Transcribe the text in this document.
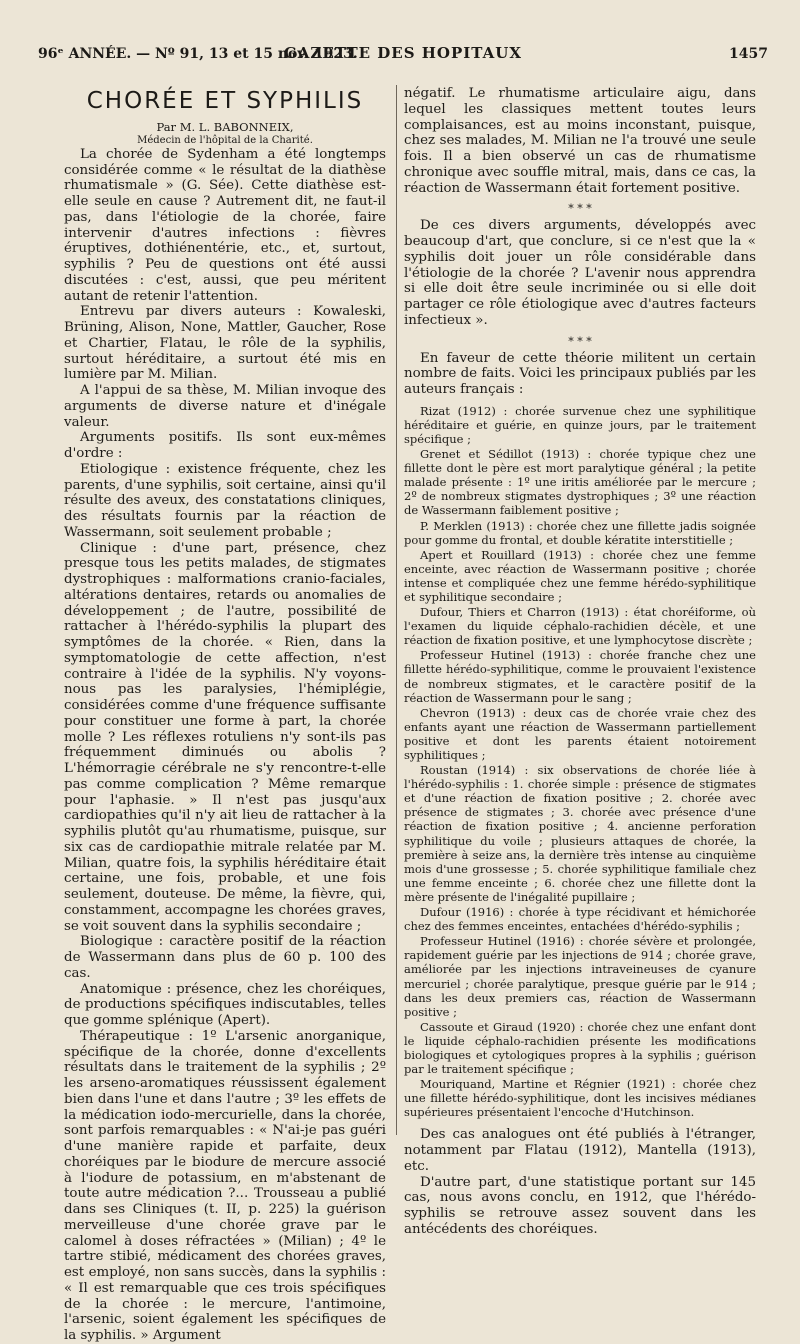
96ᵉ ANNÉE. — Nº 91, 13 et 15 nov. 1923.
GAZETTE DES HOPITAUX	1457
CHORÉE ET SYPHILIS

Par M. L. BABONNEIX,

Médecin de l'hôpital de la Charité.

La chorée de Sydenham a été longtemps considérée comme « le résultat de la diathèse rhumatismale » (G. Sée). Cette diathèse est-elle seule en cause ? Autrement dit, ne faut-il pas, dans l'étiologie de la chorée, faire intervenir d'autres infections : fièvres éruptives, dothiénentérie, etc., et, surtout, syphilis ? Peu de questions ont été aussi discutées : c'est, aussi, que peu méritent autant de retenir l'attention.

Entrevu par divers auteurs : Kowaleski, Brüning, Alison, None, Mattler, Gaucher, Rose et Chartier, Flatau, le rôle de la syphilis, surtout héréditaire, a surtout été mis en lumière par M. Milian.

A l'appui de sa thèse, M. Milian invoque des arguments de diverse nature et d'inégale valeur.

Arguments positifs. Ils sont eux-mêmes d'ordre :

Etiologique : existence fréquente, chez les parents, d'une syphilis, soit certaine, ainsi qu'il résulte des aveux, des constatations cliniques, des résultats fournis par la réaction de Wassermann, soit seulement probable ;

Clinique : d'une part, présence, chez presque tous les petits malades, de stigmates dystrophiques : malformations cranio-faciales, altérations dentaires, retards ou anomalies de développement ; de l'autre, possibilité de rattacher à l'hérédo-syphilis la plupart des symptômes de la chorée. « Rien, dans la symptomatologie de cette affection, n'est contraire à l'idée de la syphilis. N'y voyons-nous pas les paralysies, l'hémiplégie, considérées comme d'une fréquence suffisante pour constituer une forme à part, la chorée molle ? Les réflexes rotuliens n'y sont-ils pas fréquemment diminués ou abolis ? L'hémorragie cérébrale ne s'y rencontre-t-elle pas comme complication ? Même remarque pour l'aphasie. » Il n'est pas jusqu'aux cardiopathies qu'il n'y ait lieu de rattacher à la syphilis plutôt qu'au rhumatisme, puisque, sur six cas de cardiopathie mitrale relatée par M. Milian, quatre fois, la syphilis héréditaire était certaine, une fois, probable, et une fois seulement, douteuse. De même, la fièvre, qui, constamment, accompagne les chorées graves, se voit souvent dans la syphilis secondaire ;

Biologique : caractère positif de la réaction de Wassermann dans plus de 60 p. 100 des cas.

Anatomique : présence, chez les choréiques, de productions spécifiques indiscutables, telles que gomme splénique (Apert).

Thérapeutique : 1º L'arsenic anorganique, spécifique de la chorée, donne d'excellents résultats dans le traitement de la syphilis ; 2º les arseno-aromatiques réussissent également bien dans l'une et dans l'autre ; 3º les effets de la médication iodo-mercurielle, dans la chorée, sont parfois remarquables : « N'ai-je pas guéri d'une manière rapide et parfaite, deux choréiques par le biodure de mercure associé à l'iodure de potassium, en m'abstenant de toute autre médication ?... Trousseau a publié dans ses Cliniques (t. II, p. 225) la guérison merveilleuse d'une chorée grave par le calomel à doses réfractées » (Milian) ; 4º le tartre stibié, médicament des chorées graves, est employé, non sans succès, dans la syphilis : « Il est remarquable que ces trois spécifiques de la chorée : le mercure, l'antimoine, l'arsenic, soient également les spécifiques de la syphilis. » Argument

négatif. Le rhumatisme articulaire aigu, dans lequel les classiques mettent toutes leurs complaisances, est au moins inconstant, puisque, chez ses malades, M. Milian ne l'a trouvé une seule fois. Il a bien observé un cas de rhumatisme chronique avec souffle mitral, mais, dans ce cas, la réaction de Wassermann était fortement positive.

* * *

De ces divers arguments, développés avec beaucoup d'art, que conclure, si ce n'est que la « syphilis doit jouer un rôle considérable dans l'étiologie de la chorée ? L'avenir nous apprendra si elle doit être seule incriminée ou si elle doit partager ce rôle étiologique avec d'autres facteurs infectieux ».

* * *

En faveur de cette théorie militent un certain nombre de faits. Voici les principaux publiés par les auteurs français :

Rizat (1912) : chorée survenue chez une syphilitique héréditaire et guérie, en quinze jours, par le traitement spécifique ;

Grenet et Sédillot (1913) : chorée typique chez une fillette dont le père est mort paralytique général ; la petite malade présente : 1º une iritis améliorée par le mercure ; 2º de nombreux stigmates dystrophiques ; 3º une réaction de Wassermann faiblement positive ;

P. Merklen (1913) : chorée chez une fillette jadis soignée pour gomme du frontal, et double kératite interstitielle ;

Apert et Rouillard (1913) : chorée chez une femme enceinte, avec réaction de Wassermann positive ; chorée intense et compliquée chez une femme hérédo-syphilitique et syphilitique secondaire ;

Dufour, Thiers et Charron (1913) : état choréiforme, où l'examen du liquide céphalo-rachidien décèle, et une réaction de fixation positive, et une lymphocytose discrète ;

Professeur Hutinel (1913) : chorée franche chez une fillette hérédo-syphilitique, comme le prouvaient l'existence de nombreux stigmates, et le caractère positif de la réaction de Wassermann pour le sang ;

Chevron (1913) : deux cas de chorée vraie chez des enfants ayant une réaction de Wassermann partiellement positive et dont les parents étaient notoirement syphilitiques ;

Roustan (1914) : six observations de chorée liée à l'hérédo-syphilis : 1. chorée simple : présence de stigmates et d'une réaction de fixation positive ; 2. chorée avec présence de stigmates ; 3. chorée avec présence d'une réaction de fixation positive ; 4. ancienne perforation syphilitique du voile ; plusieurs attaques de chorée, la première à seize ans, la dernière très intense au cinquième mois d'une grossesse ; 5. chorée syphilitique familiale chez une femme enceinte ; 6. chorée chez une fillette dont la mère présente de l'inégalité pupillaire ;

Dufour (1916) : chorée à type récidivant et hémichorée chez des femmes enceintes, entachées d'hérédo-syphilis ;

Professeur Hutinel (1916) : chorée sévère et prolongée, rapidement guérie par les injections de 914 ; chorée grave, améliorée par les injections intraveineuses de cyanure mercuriel ; chorée paralytique, presque guérie par le 914 ; dans les deux premiers cas, réaction de Wassermann positive ;

Cassoute et Giraud (1920) : chorée chez une enfant dont le liquide céphalo-rachidien présente les modifications biologiques et cytologiques propres à la syphilis ; guérison par le traitement spécifique ;

Mouriquand, Martine et Régnier (1921) : chorée chez une fillette hérédo-syphilitique, dont les incisives médianes supérieures présentaient l'encoche d'Hutchinson.

Des cas analogues ont été publiés à l'étranger, notamment par Flatau (1912), Mantella (1913), etc.

D'autre part, d'une statistique portant sur 145 cas, nous avons conclu, en 1912, que l'hérédo-syphilis se retrouve assez souvent dans les antécédents des choréiques.
